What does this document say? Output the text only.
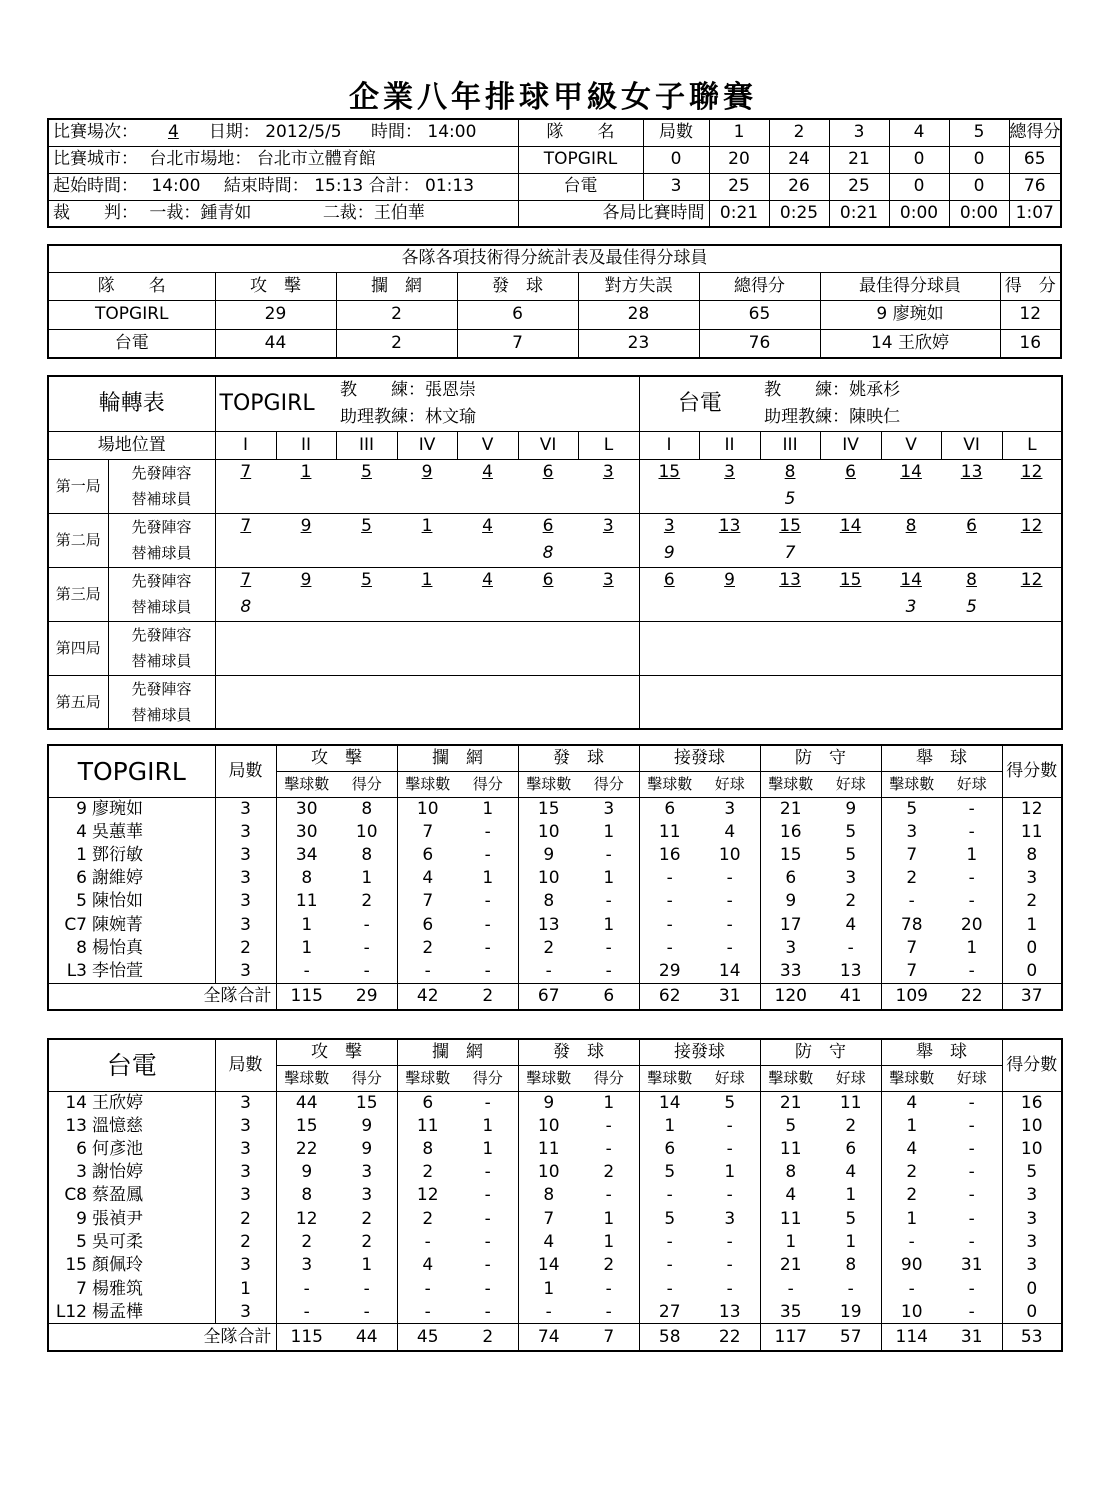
企業八年排球甲級女子聯賽
比賽場次： 4 日期： 2012/5/5 時間： 14:00	隊　　名	局數	1	2	3	4	5	總得分
比賽城市： 台北市場地： 台北市立體育館	TOPGIRL	0	20	24	21	0	0	65
起始時間： 14:00 結束時間： 15:13 合計： 01:13	台電	3	25	26	25	0	0	76
裁　　判： 一裁：鍾青如 二裁：王伯華	各局比賽時間		0:21	0:25	0:21	0:00	0:00	1:07
各隊各項技術得分統計表及最佳得分球員							
隊　　名	攻　擊	攔　網	發　球	對方失誤	總得分	最佳得分球員	得　分
TOPGIRL	29	2	6	28	65	9 廖琬如	12
台電	44	2	7	23	76	14 王欣婷	16
輪轉表		TOPGIRL		教　　練：張恩崇					台電		教　　練：姚承杉				
				助理教練：林文瑜							助理教練：陳映仁				
場地位置		I	II	III	IV	V	VI	L	I	II	III	IV	V	VI	L
第一局	先發陣容	7	1	5	9	4	6	3	15	3	8	6	14	13	12
	替補球員										5				
第二局	先發陣容	7	9	5	1	4	6	3	3	13	15	14	8	6	12
	替補球員						8		9		7				
第三局	先發陣容	7	9	5	1	4	6	3	6	9	13	15	14	8	12
	替補球員	8											3	5	
第四局	先發陣容														
	替補球員														
第五局	先發陣容														
	替補球員														
TOPGIRL	局數	攻　擊		攔　網		發　球		接發球		防　守		舉　球		得分數
		擊球數	得分	擊球數	得分	擊球數	得分	擊球數	好球	擊球數	好球	擊球數	好球	
9 廖琬如	3	30	8	10	1	15	3	6	3	21	9	5	-	12
4 吳蕙華	3	30	10	7	-	10	1	11	4	16	5	3	-	11
1 鄧衍敏	3	34	8	6	-	9	-	16	10	15	5	7	1	8
6 謝維婷	3	8	1	4	1	10	1	-	-	6	3	2	-	3
5 陳怡如	3	11	2	7	-	8	-	-	-	9	2	-	-	2
C7 陳婉菁	3	1	-	6	-	13	1	-	-	17	4	78	20	1
8 楊怡真	2	1	-	2	-	2	-	-	-	3	-	7	1	0
L3 李怡萱	3	-	-	-	-	-	-	29	14	33	13	7	-	0
全隊合計		115	29	42	2	67	6	62	31	120	41	109	22	37
台電	局數	攻　擊		攔　網		發　球		接發球		防　守		舉　球		得分數
		擊球數	得分	擊球數	得分	擊球數	得分	擊球數	好球	擊球數	好球	擊球數	好球	
14 王欣婷	3	44	15	6	-	9	1	14	5	21	11	4	-	16
13 溫憶慈	3	15	9	11	1	10	-	1	-	5	2	1	-	10
6 何彥池	3	22	9	8	1	11	-	6	-	11	6	4	-	10
3 謝怡婷	3	9	3	2	-	10	2	5	1	8	4	2	-	5
C8 蔡盈鳳	3	8	3	12	-	8	-	-	-	4	1	2	-	3
9 張禎尹	2	12	2	2	-	7	1	5	3	11	5	1	-	3
5 吳可柔	2	2	2	-	-	4	1	-	-	1	1	-	-	3
15 顏佩玲	3	3	1	4	-	14	2	-	-	21	8	90	31	3
7 楊雅筑	1	-	-	-	-	1	-	-	-	-	-	-	-	0
L12 楊孟樺	3	-	-	-	-	-	-	27	13	35	19	10	-	0
全隊合計		115	44	45	2	74	7	58	22	117	57	114	31	53
